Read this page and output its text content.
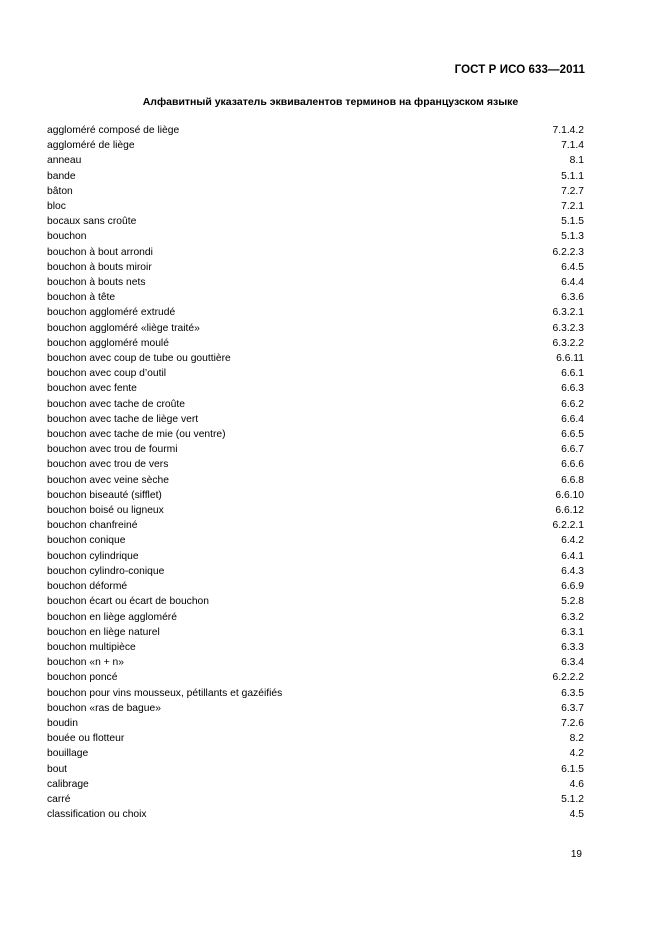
ГОСТ Р ИСО 633—2011
Алфавитный указатель эквивалентов терминов на французском языке
aggloméré composé de liège	7.1.4.2
aggloméré de liège	7.1.4
anneau	8.1
bande	5.1.1
bâton	7.2.7
bloc	7.2.1
bocaux sans croûte	5.1.5
bouchon	5.1.3
bouchon à bout arrondi	6.2.2.3
bouchon à bouts miroir	6.4.5
bouchon à bouts nets	6.4.4
bouchon à tête	6.3.6
bouchon aggloméré extrudé	6.3.2.1
bouchon aggloméré «liège traité»	6.3.2.3
bouchon aggloméré moulé	6.3.2.2
bouchon avec coup de tube ou gouttière	6.6.11
bouchon avec coup d’outil	6.6.1
bouchon avec fente	6.6.3
bouchon avec tache de croûte	6.6.2
bouchon avec tache de liège vert	6.6.4
bouchon avec tache de mie (ou ventre)	6.6.5
bouchon avec trou de fourmi	6.6.7
bouchon avec trou de vers	6.6.6
bouchon avec veine sèche	6.6.8
bouchon biseauté (sifflet)	6.6.10
bouchon boisé ou ligneux	6.6.12
bouchon chanfreiné	6.2.2.1
bouchon conique	6.4.2
bouchon cylindrique	6.4.1
bouchon cylindro-conique	6.4.3
bouchon déformé	6.6.9
bouchon écart ou écart de bouchon	5.2.8
bouchon en liège aggloméré	6.3.2
bouchon en liège naturel	6.3.1
bouchon multipièce	6.3.3
bouchon «n + n»	6.3.4
bouchon poncé	6.2.2.2
bouchon pour vins mousseux, pétillants et gazéifiés	6.3.5
bouchon «ras de bague»	6.3.7
boudin	7.2.6
bouée ou flotteur	8.2
bouillage	4.2
bout	6.1.5
calibrage	4.6
carré	5.1.2
classification ou choix	4.5
19
